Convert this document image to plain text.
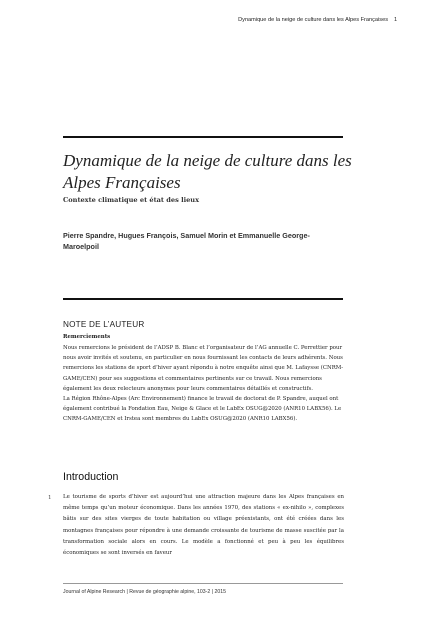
Dynamique de la neige de culture dans les Alpes Françaises 1
Dynamique de la neige de culture dans les Alpes Françaises
Contexte climatique et état des lieux
Pierre Spandre, Hugues François, Samuel Morin et Emmanuelle George-Maroelpoil
NOTE DE L’AUTEUR
Remerciements

Nous remercions le président de l’ADSP B. Blanc et l’organisateur de l’AG annuelle C. Perrettier pour nous avoir invités et soutenu, en particulier en nous fournissant les contacts de leurs adhérents. Nous remercions les stations de sport d’hiver ayant répondu à notre enquête ainsi que M. Lafaysse (CNRM-GAME/CEN) pour ses suggestions et commentaires pertinents sur ce travail. Nous remercions également les deux relecteurs anonymes pour leurs commentaires détaillés et constructifs.

La Région Rhône-Alpes (Arc Environnement) finance le travail de doctorat de P. Spandre, auquel ont également contribué la Fondation Eau, Neige & Glace et le LabEx OSUG@2020 (ANR10 LABX56). Le CNRM-GAME/CEN et Irstea sont membres du LabEx OSUG@2020 (ANR10 LABX56).

Introduction
1 Le tourisme de sports d’hiver est aujourd’hui une attraction majeure dans les Alpes françaises en même temps qu’un moteur économique. Dans les années 1970, des stations « ex-nihilo », complexes bâtis sur des sites vierges de toute habitation ou village préexistants, ont été créées dans les montagnes françaises pour répondre à une demande croissante de tourisme de masse suscitée par la transformation sociale alors en cours. Le modèle a fonctionné et peu à peu les équilibres économiques se sont inversés en faveur
Journal of Alpine Research | Revue de géographie alpine, 103-2 | 2015
